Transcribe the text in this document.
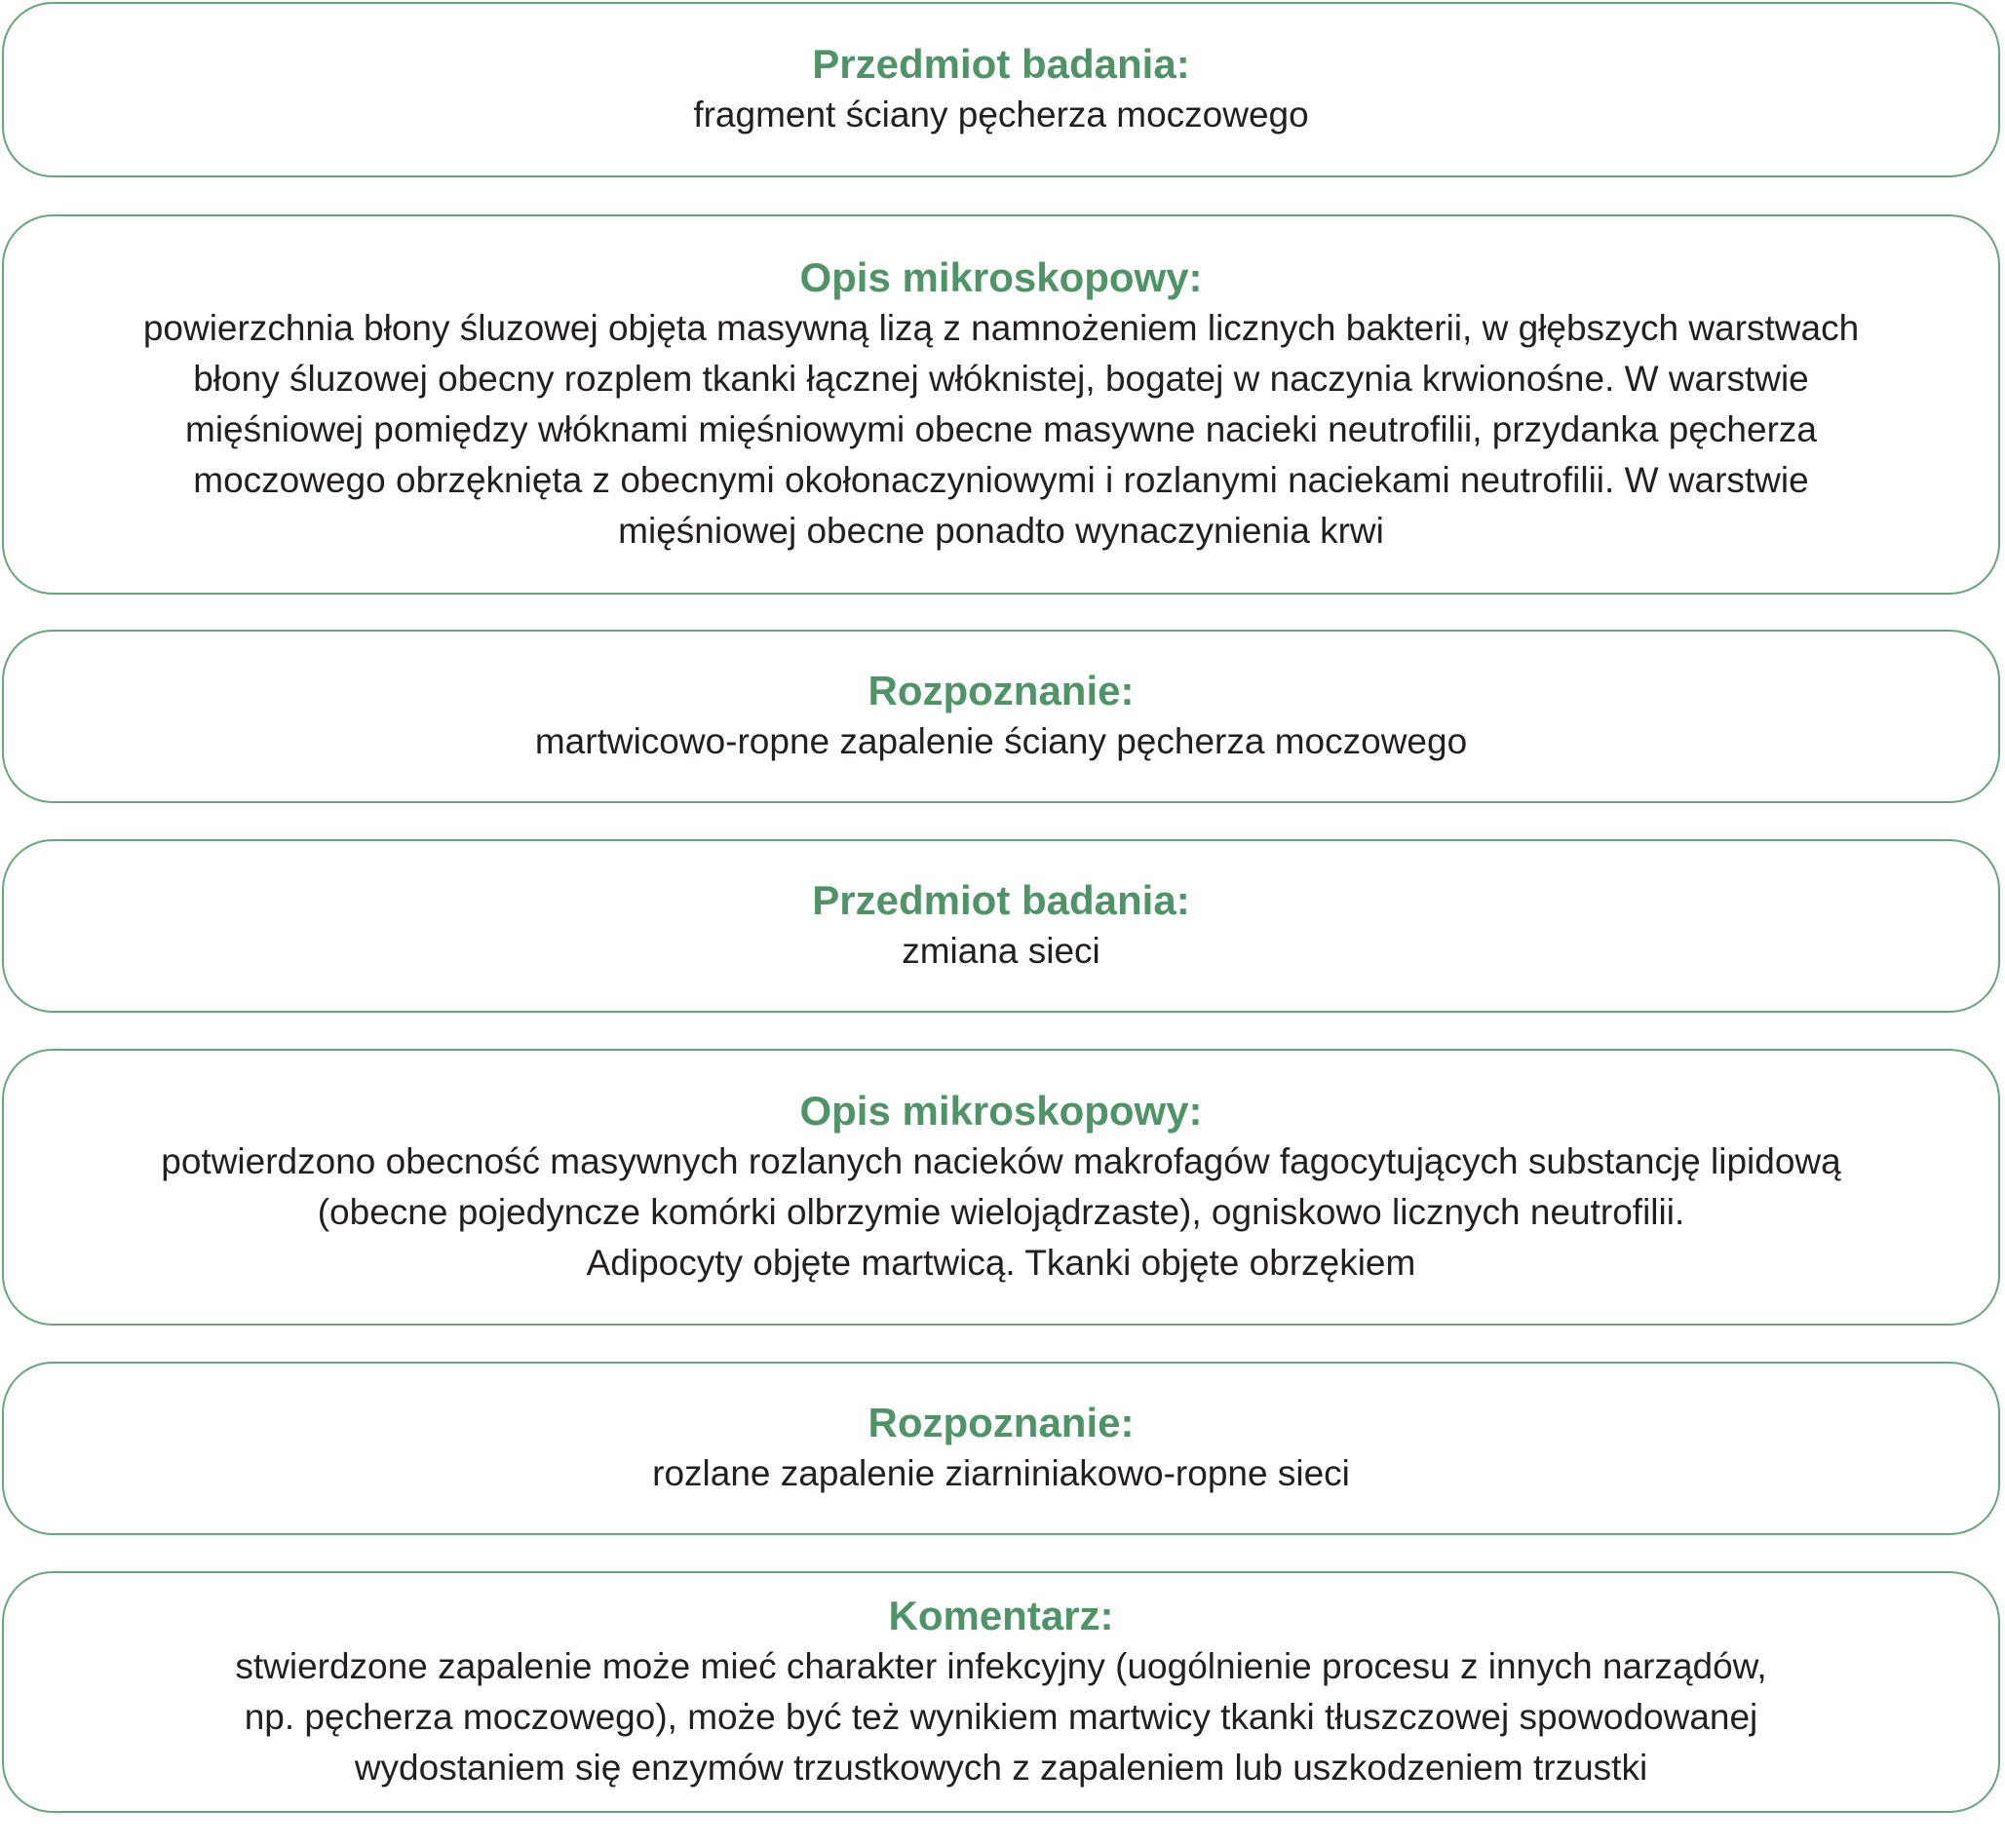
Przedmiot badania:

fragment ściany pęcherza moczowego

Opis mikroskopowy:

powierzchnia błony śluzowej objęta masywną lizą z namnożeniem licznych bakterii, w głębszych warstwach
błony śluzowej obecny rozplem tkanki łącznej włóknistej, bogatej w naczynia krwionośne. W warstwie
mięśniowej pomiędzy włóknami mięśniowymi obecne masywne nacieki neutrofilii, przydanka pęcherza
moczowego obrzęknięta z obecnymi okołonaczyniowymi i rozlanymi naciekami neutrofilii. W warstwie
mięśniowej obecne ponadto wynaczynienia krwi

Rozpoznanie:

martwicowo-ropne zapalenie ściany pęcherza moczowego

Przedmiot badania:

zmiana sieci

Opis mikroskopowy:

potwierdzono obecność masywnych rozlanych nacieków makrofagów fagocytujących substancję lipidową
(obecne pojedyncze komórki olbrzymie wielojądrzaste), ogniskowo licznych neutrofilii.
Adipocyty objęte martwicą. Tkanki objęte obrzękiem

Rozpoznanie:

rozlane zapalenie ziarniniakowo-ropne sieci

Komentarz:

stwierdzone zapalenie może mieć charakter infekcyjny (uogólnienie procesu z innych narządów,
np. pęcherza moczowego), może być też wynikiem martwicy tkanki tłuszczowej spowodowanej
wydostaniem się enzymów trzustkowych z zapaleniem lub uszkodzeniem trzustki
